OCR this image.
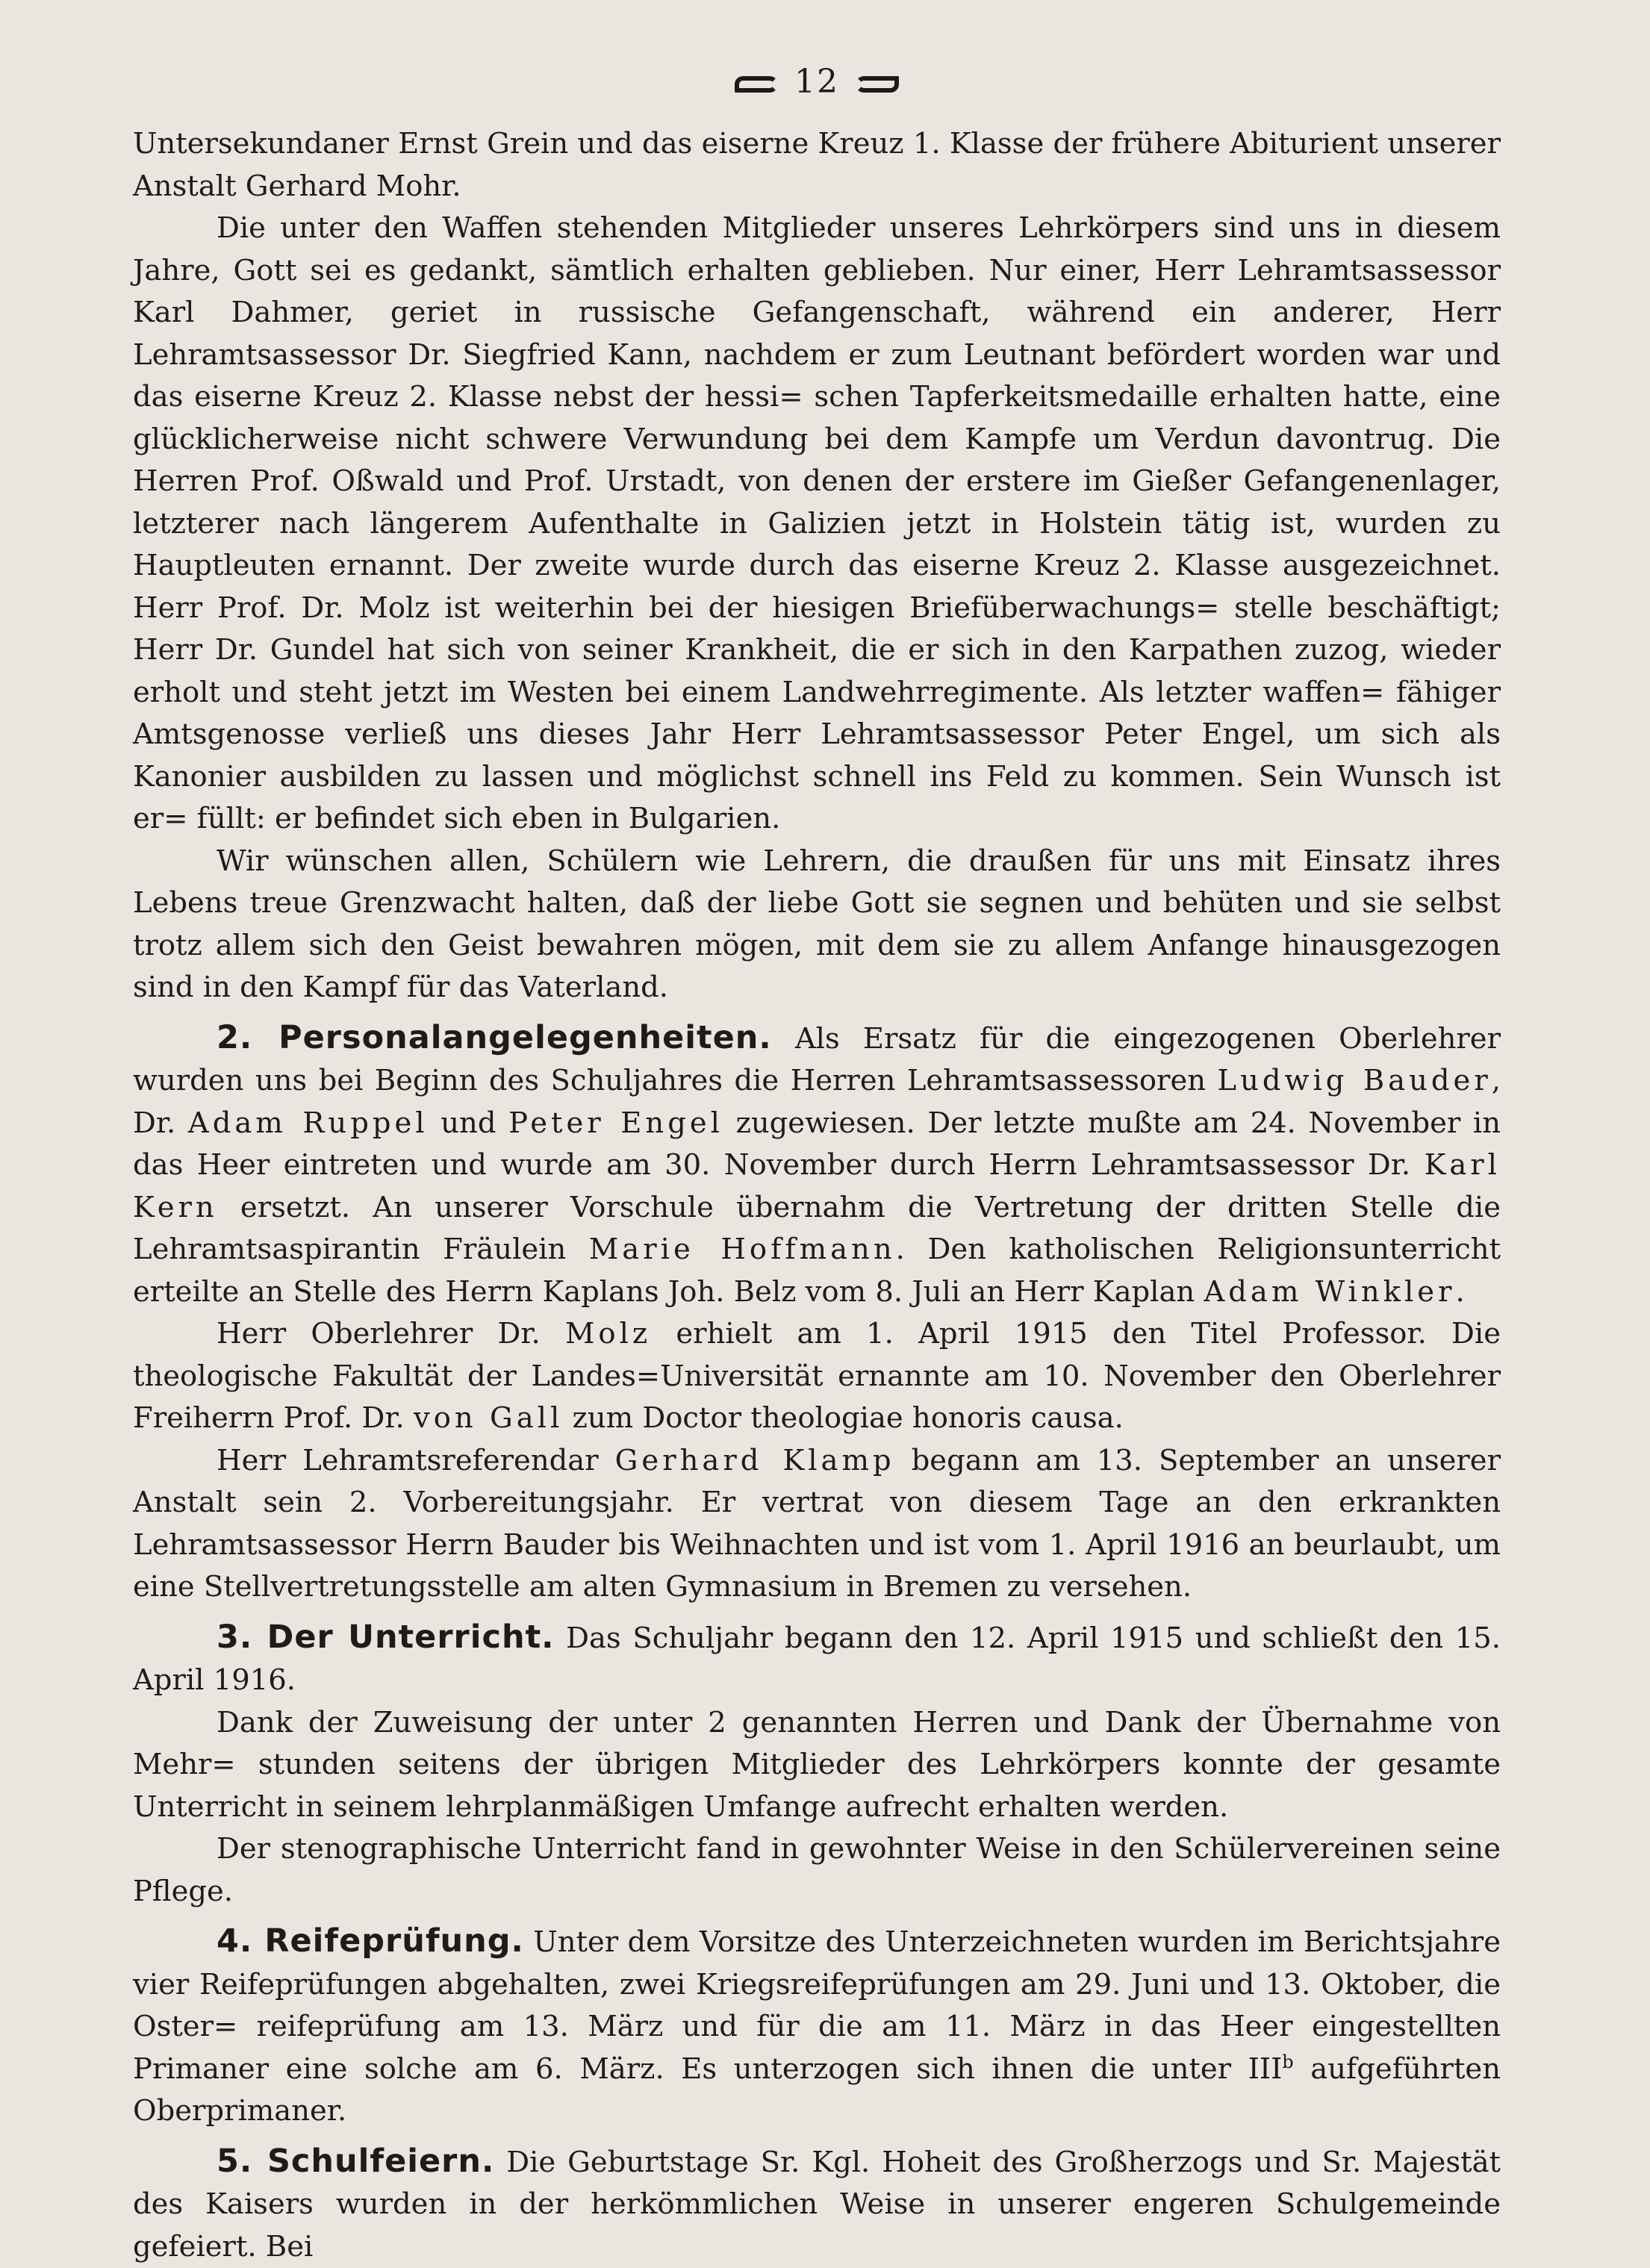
12

Untersekundaner Ernst Grein und das eiserne Kreuz 1. Klasse der frühere Abiturient unserer Anstalt Gerhard Mohr.

Die unter den Waffen stehenden Mitglieder unseres Lehrkörpers sind uns in diesem Jahre, Gott sei es gedankt, sämtlich erhalten geblieben. Nur einer, Herr Lehramtsassessor Karl Dahmer, geriet in russische Gefangenschaft, während ein anderer, Herr Lehramtsassessor Dr. Siegfried Kann, nachdem er zum Leutnant befördert worden war und das eiserne Kreuz 2. Klasse nebst der hessi= schen Tapferkeitsmedaille erhalten hatte, eine glücklicherweise nicht schwere Verwundung bei dem Kampfe um Verdun davontrug. Die Herren Prof. Oßwald und Prof. Urstadt, von denen der erstere im Gießer Gefangenenlager, letzterer nach längerem Aufenthalte in Galizien jetzt in Holstein tätig ist, wurden zu Hauptleuten ernannt. Der zweite wurde durch das eiserne Kreuz 2. Klasse ausgezeichnet. Herr Prof. Dr. Molz ist weiterhin bei der hiesigen Briefüberwachungs= stelle beschäftigt; Herr Dr. Gundel hat sich von seiner Krankheit, die er sich in den Karpathen zuzog, wieder erholt und steht jetzt im Westen bei einem Landwehrregimente. Als letzter waffen= fähiger Amtsgenosse verließ uns dieses Jahr Herr Lehramtsassessor Peter Engel, um sich als Kanonier ausbilden zu lassen und möglichst schnell ins Feld zu kommen. Sein Wunsch ist er= füllt: er befindet sich eben in Bulgarien.

Wir wünschen allen, Schülern wie Lehrern, die draußen für uns mit Einsatz ihres Lebens treue Grenzwacht halten, daß der liebe Gott sie segnen und behüten und sie selbst trotz allem sich den Geist bewahren mögen, mit dem sie zu allem Anfange hinausgezogen sind in den Kampf für das Vaterland.

2. Personalangelegenheiten. Als Ersatz für die eingezogenen Oberlehrer wurden uns bei Beginn des Schuljahres die Herren Lehramtsassessoren Ludwig Bauder, Dr. Adam Ruppel und Peter Engel zugewiesen. Der letzte mußte am 24. November in das Heer eintreten und wurde am 30. November durch Herrn Lehramtsassessor Dr. Karl Kern ersetzt. An unserer Vorschule übernahm die Vertretung der dritten Stelle die Lehramtsaspirantin Fräulein Marie Hoffmann. Den katholischen Religionsunterricht erteilte an Stelle des Herrn Kaplans Joh. Belz vom 8. Juli an Herr Kaplan Adam Winkler.

Herr Oberlehrer Dr. Molz erhielt am 1. April 1915 den Titel Professor. Die theologische Fakultät der Landes=Universität ernannte am 10. November den Oberlehrer Freiherrn Prof. Dr. von Gall zum Doctor theologiae honoris causa.

Herr Lehramtsreferendar Gerhard Klamp begann am 13. September an unserer Anstalt sein 2. Vorbereitungsjahr. Er vertrat von diesem Tage an den erkrankten Lehramtsassessor Herrn Bauder bis Weihnachten und ist vom 1. April 1916 an beurlaubt, um eine Stellvertretungsstelle am alten Gymnasium in Bremen zu versehen.

3. Der Unterricht. Das Schuljahr begann den 12. April 1915 und schließt den 15. April 1916.

Dank der Zuweisung der unter 2 genannten Herren und Dank der Übernahme von Mehr= stunden seitens der übrigen Mitglieder des Lehrkörpers konnte der gesamte Unterricht in seinem lehrplanmäßigen Umfange aufrecht erhalten werden.

Der stenographische Unterricht fand in gewohnter Weise in den Schülervereinen seine Pflege.

4. Reifeprüfung. Unter dem Vorsitze des Unterzeichneten wurden im Berichtsjahre vier Reifeprüfungen abgehalten, zwei Kriegsreifeprüfungen am 29. Juni und 13. Oktober, die Oster= reifeprüfung am 13. März und für die am 11. März in das Heer eingestellten Primaner eine solche am 6. März. Es unterzogen sich ihnen die unter III$^b$ aufgeführten Oberprimaner.

5. Schulfeiern. Die Geburtstage Sr. Kgl. Hoheit des Großherzogs und Sr. Majestät des Kaisers wurden in der herkömmlichen Weise in unserer engeren Schulgemeinde gefeiert. Bei
